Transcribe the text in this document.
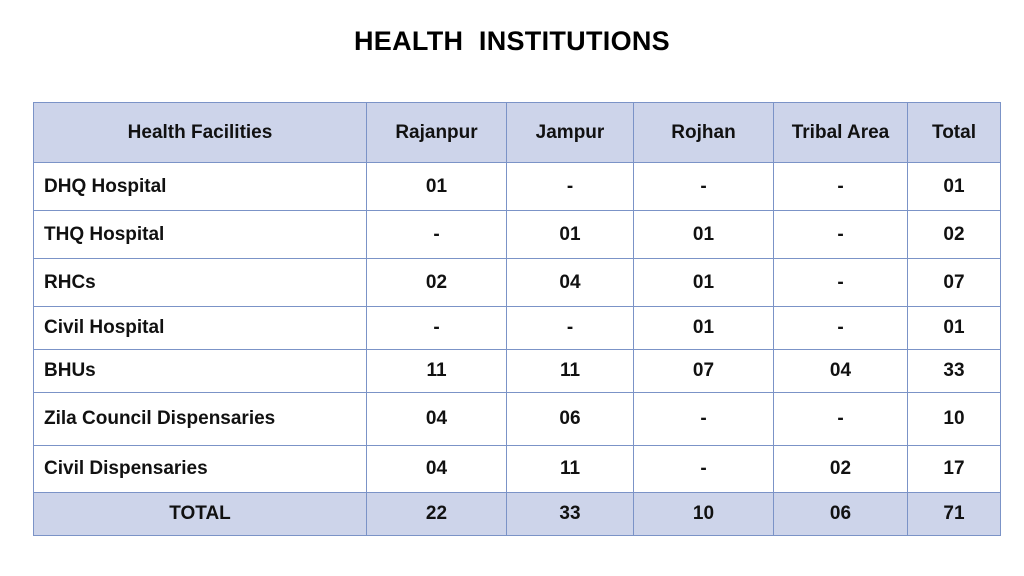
HEALTH  INSTITUTIONS
Health Facilities	Rajanpur	Jampur	Rojhan	Tribal Area	Total
DHQ Hospital	01	-	-	-	01
THQ Hospital	-	01	01	-	02
RHCs	02	04	01	-	07
Civil Hospital	-	-	01	-	01
BHUs	11	11	07	04	33
Zila Council Dispensaries	04	06	-	-	10
Civil Dispensaries	04	11	-	02	17
TOTAL	22	33	10	06	71
